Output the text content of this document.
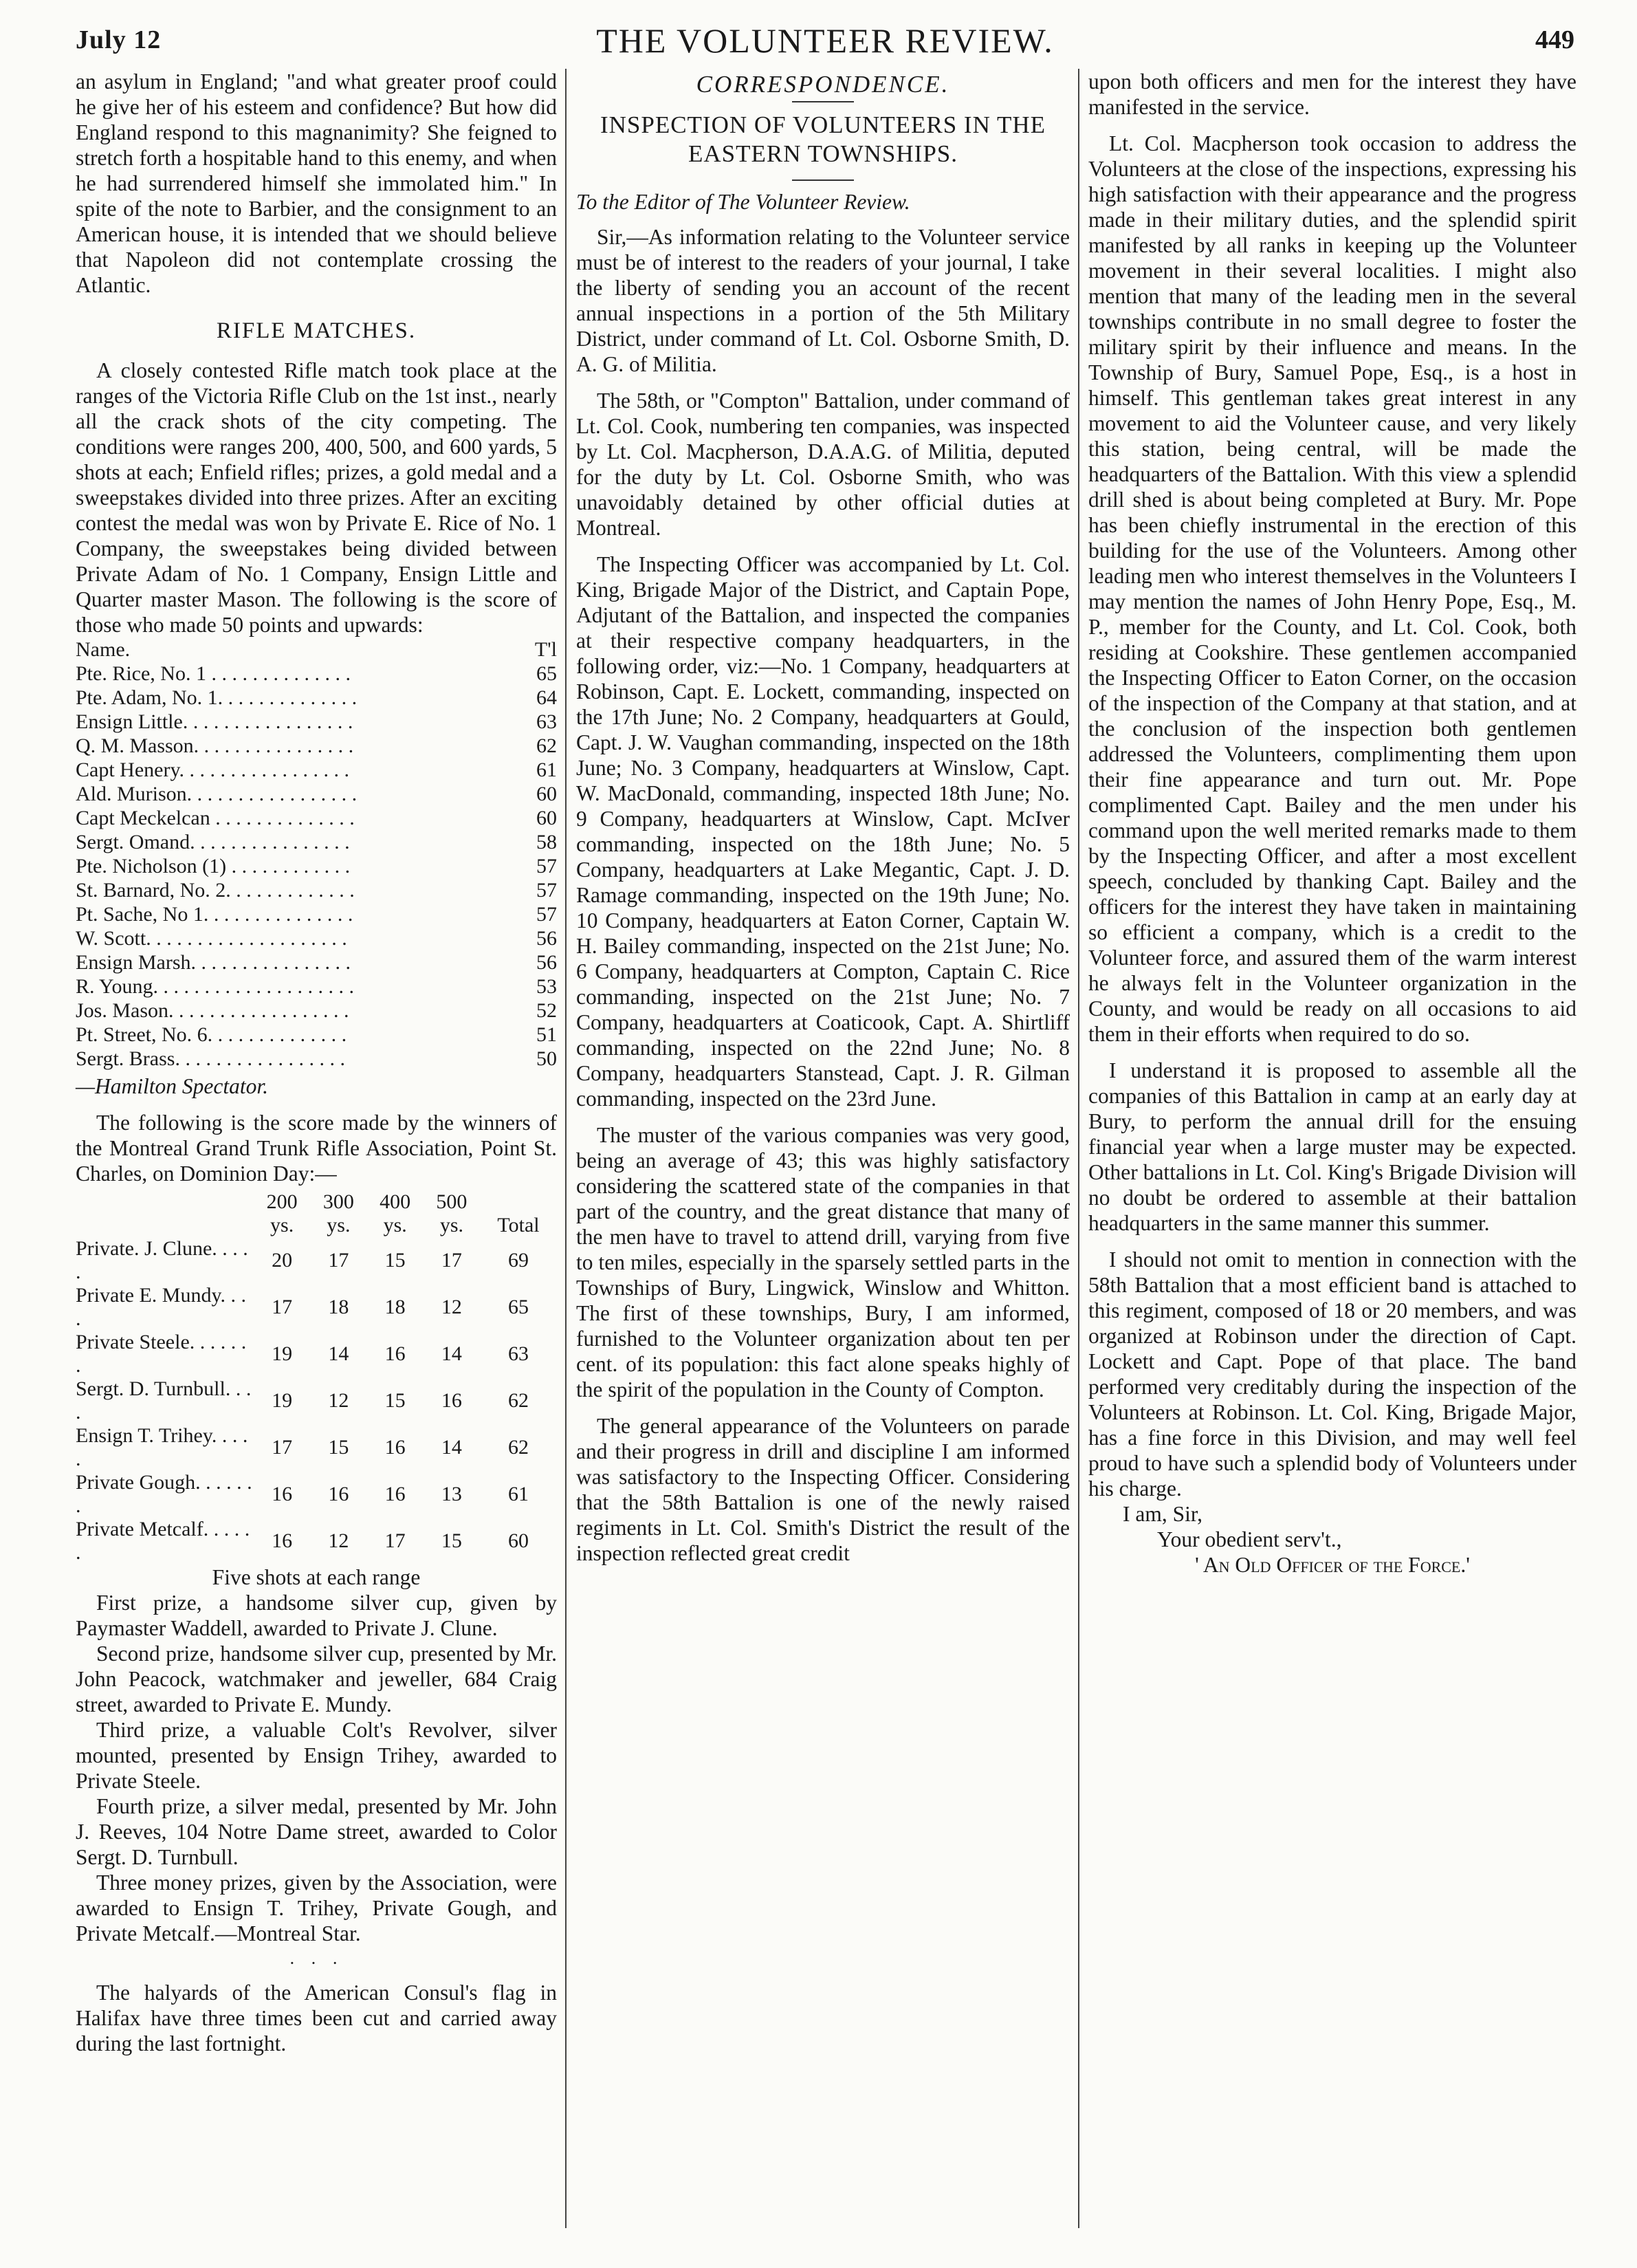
July 12	THE VOLUNTEER REVIEW.	449

an asylum in England; "and what greater proof could he give her of his esteem and confidence? But how did England respond to this magnanimity? She feigned to stretch forth a hospitable hand to this enemy, and when he had surrendered himself she immolated him." In spite of the note to Barbier, and the consignment to an American house, it is intended that we should believe that Napoleon did not contemplate crossing the Atlantic.

RIFLE MATCHES.

A closely contested Rifle match took place at the ranges of the Victoria Rifle Club on the 1st inst., nearly all the crack shots of the city competing. The conditions were ranges 200, 400, 500, and 600 yards, 5 shots at each; Enfield rifles; prizes, a gold medal and a sweepstakes divided into three prizes. After an exciting contest the medal was won by Private E. Rice of No. 1 Company, the sweepstakes being divided between Private Adam of No. 1 Company, Ensign Little and Quarter master Mason. The following is the score of those who made 50 points and upwards:

Name.	T'l
Pte. Rice, No. 1 . . . . . . . . . . . . . .	65
Pte. Adam, No. 1. . . . . . . . . . . . . .	64
Ensign Little. . . . . . . . . . . . . . . . .	63
Q. M. Masson. . . . . . . . . . . . . . . .	62
Capt Henery. . . . . . . . . . . . . . . . .	61
Ald. Murison. . . . . . . . . . . . . . . . .	60
Capt Meckelcan . . . . . . . . . . . . . .	60
Sergt. Omand. . . . . . . . . . . . . . . .	58
Pte. Nicholson (1) . . . . . . . . . . . .	57
St. Barnard, No. 2. . . . . . . . . . . . .	57
Pt. Sache, No 1. . . . . . . . . . . . . . .	57
W. Scott. . . . . . . . . . . . . . . . . . . .	56
Ensign Marsh. . . . . . . . . . . . . . . .	56
R. Young. . . . . . . . . . . . . . . . . . . .	53
Jos. Mason. . . . . . . . . . . . . . . . . .	52
Pt. Street, No. 6. . . . . . . . . . . . . .	51
Sergt. Brass. . . . . . . . . . . . . . . . .	50
—Hamilton Spectator.

The following is the score made by the winners of the Montreal Grand Trunk Rifle Association, Point St. Charles, on Dominion Day:—

	200	300	400	500	
	ys.	ys.	ys.	ys.	Total
Private. J. Clune. . . . .	20	17	15	17	69
Private E. Mundy. . . .	17	18	18	12	65
Private Steele. . . . . . .	19	14	16	14	63
Sergt. D. Turnbull. . . .	19	12	15	16	62
Ensign T. Trihey. . . . .	17	15	16	14	62
Private Gough. . . . . . .	16	16	16	13	61
Private Metcalf. . . . . .	16	12	17	15	60

Five shots at each range

First prize, a handsome silver cup, given by Paymaster Waddell, awarded to Private J. Clune.

Second prize, handsome silver cup, presented by Mr. John Peacock, watchmaker and jeweller, 684 Craig street, awarded to Private E. Mundy.

Third prize, a valuable Colt's Revolver, silver mounted, presented by Ensign Trihey, awarded to Private Steele.

Fourth prize, a silver medal, presented by Mr. John J. Reeves, 104 Notre Dame street, awarded to Color Sergt. D. Turnbull.

Three money prizes, given by the Association, were awarded to Ensign T. Trihey, Private Gough, and Private Metcalf.—Montreal Star.

· · ·

The halyards of the American Consul's flag in Halifax have three times been cut and carried away during the last fortnight.

CORRESPONDENCE.
INSPECTION OF VOLUNTEERS IN THE EASTERN TOWNSHIPS.

To the Editor of The Volunteer Review.

Sir,—As information relating to the Volunteer service must be of interest to the readers of your journal, I take the liberty of sending you an account of the recent annual inspections in a portion of the 5th Military District, under command of Lt. Col. Osborne Smith, D. A. G. of Militia.

The 58th, or "Compton" Battalion, under command of Lt. Col. Cook, numbering ten companies, was inspected by Lt. Col. Macpherson, D.A.A.G. of Militia, deputed for the duty by Lt. Col. Osborne Smith, who was unavoidably detained by other official duties at Montreal.

The Inspecting Officer was accompanied by Lt. Col. King, Brigade Major of the District, and Captain Pope, Adjutant of the Battalion, and inspected the companies at their respective company headquarters, in the following order, viz:—No. 1 Company, headquarters at Robinson, Capt. E. Lockett, commanding, inspected on the 17th June; No. 2 Company, headquarters at Gould, Capt. J. W. Vaughan commanding, inspected on the 18th June; No. 3 Company, headquarters at Winslow, Capt. W. MacDonald, commanding, inspected 18th June; No. 9 Company, headquarters at Winslow, Capt. McIver commanding, inspected on the 18th June; No. 5 Company, headquarters at Lake Megantic, Capt. J. D. Ramage commanding, inspected on the 19th June; No. 10 Company, headquarters at Eaton Corner, Captain W. H. Bailey commanding, inspected on the 21st June; No. 6 Company, headquarters at Compton, Captain C. Rice commanding, inspected on the 21st June; No. 7 Company, headquarters at Coaticook, Capt. A. Shirtliff commanding, inspected on the 22nd June; No. 8 Company, headquarters Stanstead, Capt. J. R. Gilman commanding, inspected on the 23rd June.

The muster of the various companies was very good, being an average of 43; this was highly satisfactory considering the scattered state of the companies in that part of the country, and the great distance that many of the men have to travel to attend drill, varying from five to ten miles, especially in the sparsely settled parts in the Townships of Bury, Lingwick, Winslow and Whitton. The first of these townships, Bury, I am informed, furnished to the Volunteer organization about ten per cent. of its population: this fact alone speaks highly of the spirit of the population in the County of Compton.

The general appearance of the Volunteers on parade and their progress in drill and discipline I am informed was satisfactory to the Inspecting Officer. Considering that the 58th Battalion is one of the newly raised regiments in Lt. Col. Smith's District the result of the inspection reflected great credit

upon both officers and men for the interest they have manifested in the service.

Lt. Col. Macpherson took occasion to address the Volunteers at the close of the inspections, expressing his high satisfaction with their appearance and the progress made in their military duties, and the splendid spirit manifested by all ranks in keeping up the Volunteer movement in their several localities. I might also mention that many of the leading men in the several townships contribute in no small degree to foster the military spirit by their influence and means. In the Township of Bury, Samuel Pope, Esq., is a host in himself. This gentleman takes great interest in any movement to aid the Volunteer cause, and very likely this station, being central, will be made the headquarters of the Battalion. With this view a splendid drill shed is about being completed at Bury. Mr. Pope has been chiefly instrumental in the erection of this building for the use of the Volunteers. Among other leading men who interest themselves in the Volunteers I may mention the names of John Henry Pope, Esq., M. P., member for the County, and Lt. Col. Cook, both residing at Cookshire. These gentlemen accompanied the Inspecting Officer to Eaton Corner, on the occasion of the inspection of the Company at that station, and at the conclusion of the inspection both gentlemen addressed the Volunteers, complimenting them upon their fine appearance and turn out. Mr. Pope complimented Capt. Bailey and the men under his command upon the well merited remarks made to them by the Inspecting Officer, and after a most excellent speech, concluded by thanking Capt. Bailey and the officers for the interest they have taken in maintaining so efficient a company, which is a credit to the Volunteer force, and assured them of the warm interest he always felt in the Volunteer organization in the County, and would be ready on all occasions to aid them in their efforts when required to do so.

I understand it is proposed to assemble all the companies of this Battalion in camp at an early day at Bury, to perform the annual drill for the ensuing financial year when a large muster may be expected. Other battalions in Lt. Col. King's Brigade Division will no doubt be ordered to assemble at their battalion headquarters in the same manner this summer.

I should not omit to mention in connection with the 58th Battalion that a most efficient band is attached to this regiment, composed of 18 or 20 members, and was organized at Robinson under the direction of Capt. Lockett and Capt. Pope of that place. The band performed very creditably during the inspection of the Volunteers at Robinson. Lt. Col. King, Brigade Major, has a fine force in this Division, and may well feel proud to have such a splendid body of Volunteers under his charge.

I am, Sir,

Your obedient serv't.,

' An Old Officer of the Force.'
